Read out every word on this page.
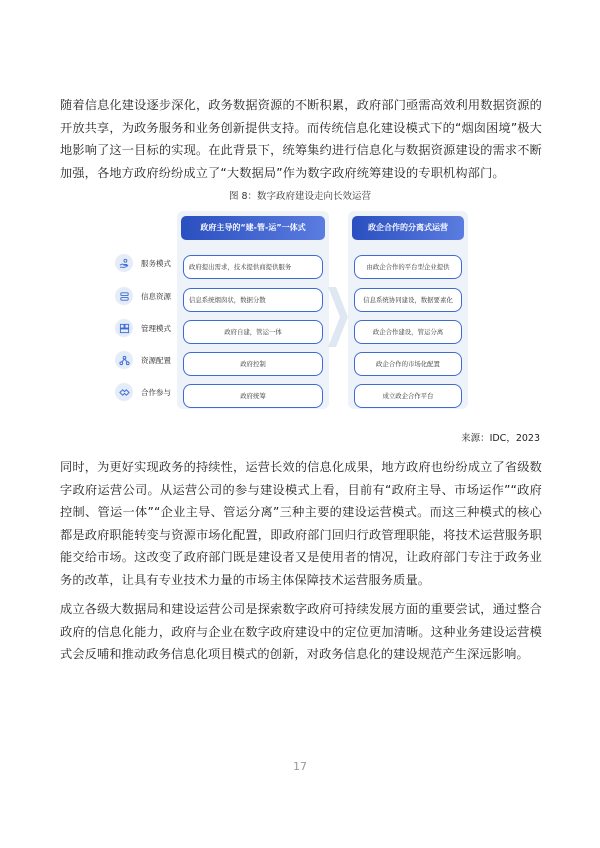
随着信息化建设逐步深化，政务数据资源的不断积累，政府部门亟需高效利用数据资源的开放共享，为政务服务和业务创新提供支持。而传统信息化建设模式下的“烟囱困境”极大地影响了这一目标的实现。在此背景下，统筹集约进行信息化与数据资源建设的需求不断加强，各地方政府纷纷成立了“大数据局”作为数字政府统筹建设的专职机构部门。

图 8：数字政府建设走向长效运营
政府主导的“建-管-运”一体式
政府提出需求，技术提供商提供服务
信息系统烟囱状，数据分散
政府自建，管运一体
政府控制
政府统筹
政企合作的分离式运营
由政企合作的平台型企业提供
信息系统协同建设，数据要素化
政企合作建设，管运分离
政企合作的市场化配置
成立政企合作平台
服务模式
信息资源
管理模式
资源配置
合作参与
来源：IDC，2023

同时，为更好实现政务的持续性，运营长效的信息化成果，地方政府也纷纷成立了省级数字政府运营公司。从运营公司的参与建设模式上看，目前有“政府主导、市场运作”“政府控制、管运一体”“企业主导、管运分离”三种主要的建设运营模式。而这三种模式的核心都是政府职能转变与资源市场化配置，即政府部门回归行政管理职能，将技术运营服务职能交给市场。这改变了政府部门既是建设者又是使用者的情况，让政府部门专注于政务业务的改革，让具有专业技术力量的市场主体保障技术运营服务质量。

成立各级大数据局和建设运营公司是探索数字政府可持续发展方面的重要尝试，通过整合政府的信息化能力，政府与企业在数字政府建设中的定位更加清晰。这种业务建设运营模式会反哺和推动政务信息化项目模式的创新，对政务信息化的建设规范产生深远影响。

17
